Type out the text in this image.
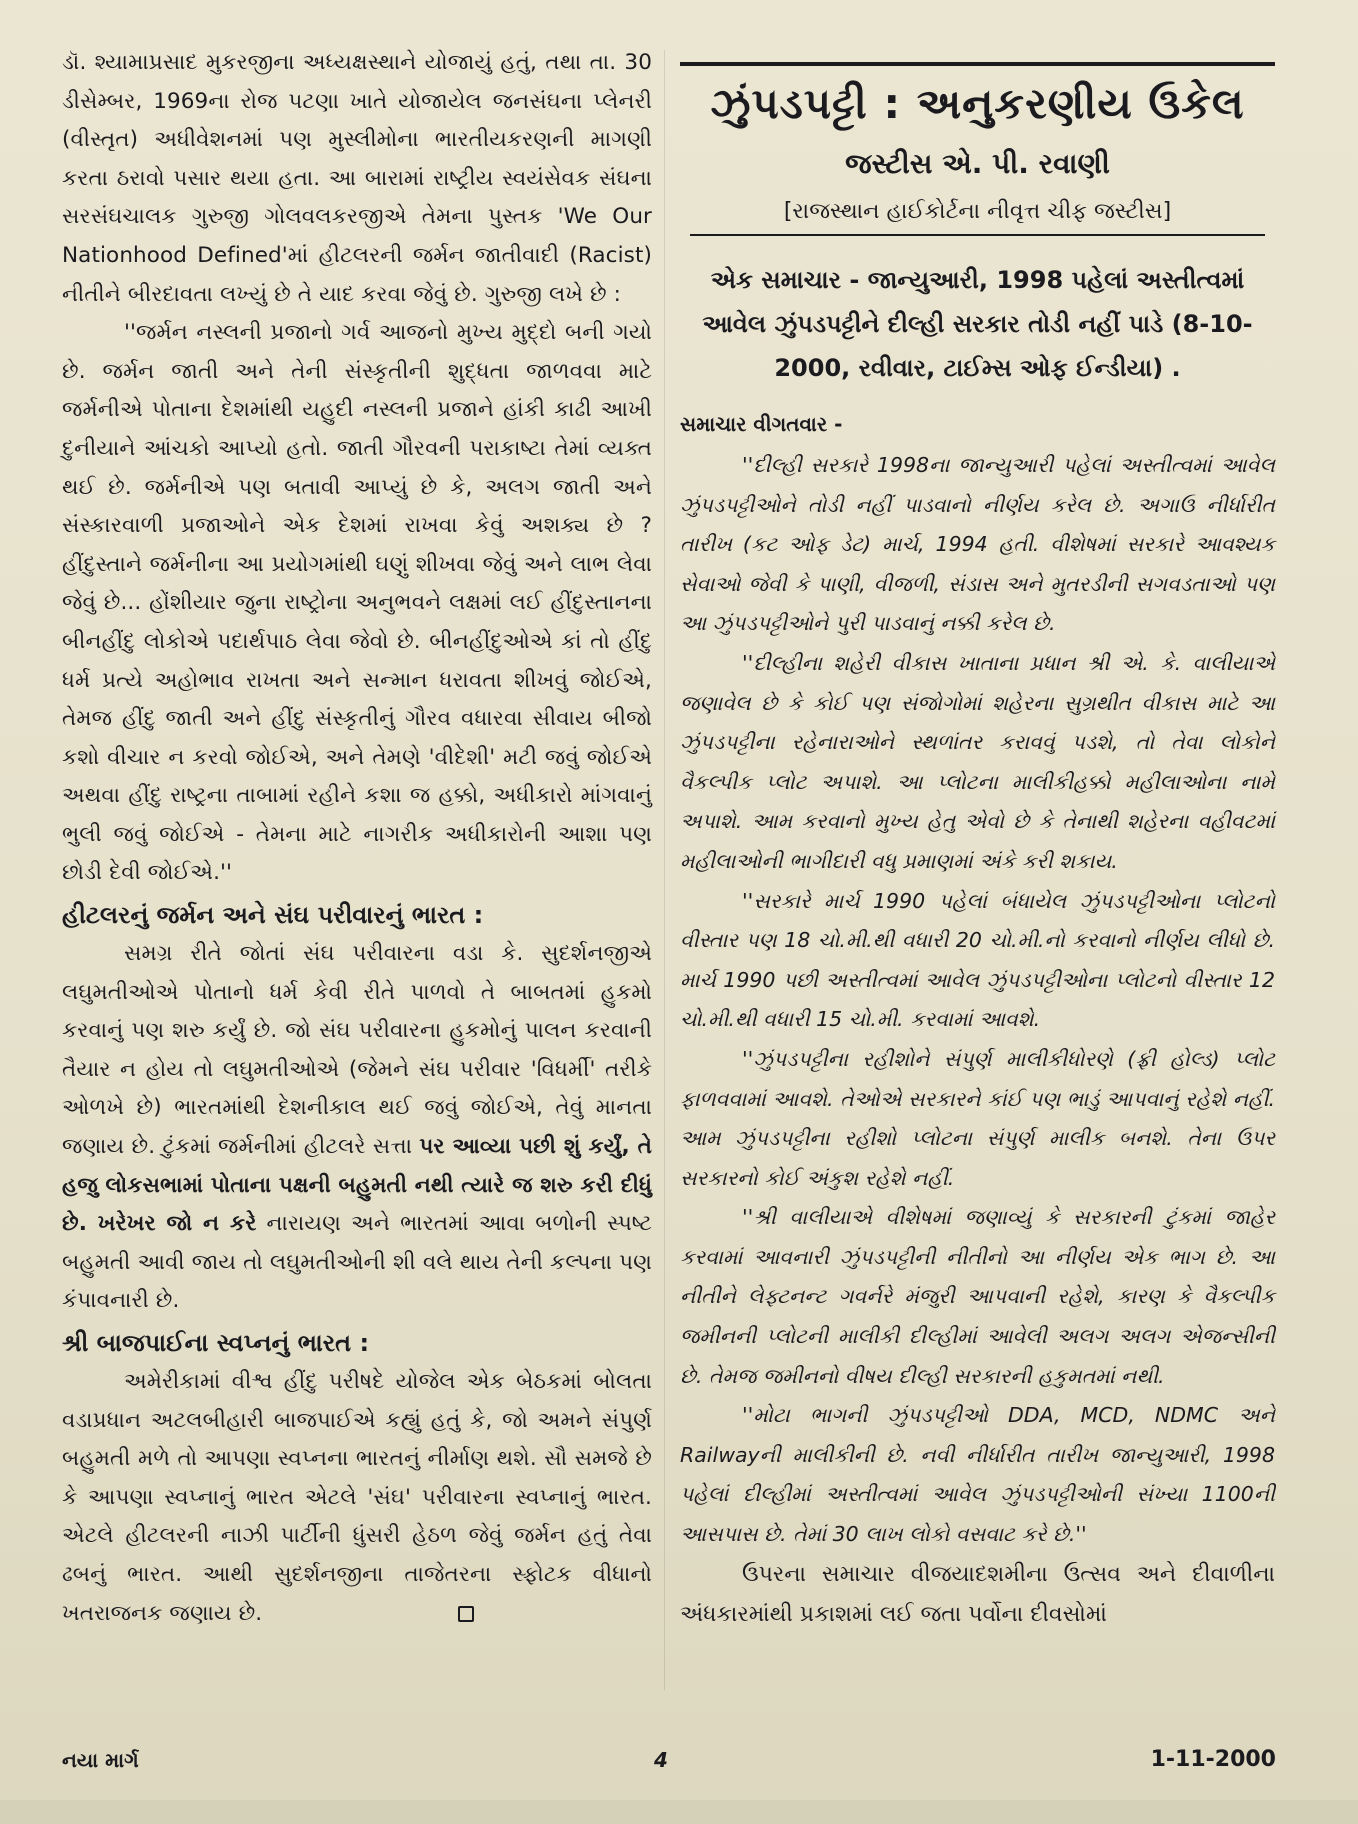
ડૉ. શ્યામાપ્રસાદ મુકરજીના અધ્યક્ષસ્થાને યોજાયું હતું, તથા તા. 30 ડીસેમ્બર, 1969ના રોજ પટણા ખાતે યોજાયેલ જનસંઘના પ્લેનરી (વીસ્તૃત) અધીવેશનમાં પણ મુસ્લીમોના ભારતીયકરણની માગણી કરતા ઠરાવો પસાર થયા હતા. આ બારામાં રાષ્ટ્રીય સ્વયંસેવક સંઘના સરસંઘચાલક ગુરુજી ગોલવલકરજીએ તેમના પુસ્તક 'We Our Nationhood Defined'માં હીટલરની જર્મન જાતીવાદી (Racist) નીતીને બીરદાવતા લખ્યું છે તે યાદ કરવા જેવું છે. ગુરુજી લખે છે :

''જર્મન નસ્લની પ્રજાનો ગર્વ આજનો મુખ્ય મુદ્દો બની ગયો છે. જર્મન જાતી અને તેની સંસ્કૃતીની શુદ્ધતા જાળવવા માટે જર્મનીએ પોતાના દેશમાંથી યહુદી નસ્લની પ્રજાને હાંકી કાઢી આખી દુનીયાને આંચકો આપ્યો હતો. જાતી ગૌરવની પરાકાષ્ટા તેમાં વ્યક્ત થઈ છે. જર્મનીએ પણ બતાવી આપ્યું છે કે, અલગ જાતી અને સંસ્કારવાળી પ્રજાઓને એક દેશમાં રાખવા કેવું અશક્ય છે ? હીંદુસ્તાને જર્મનીના આ પ્રયોગમાંથી ઘણું શીખવા જેવું અને લાભ લેવા જેવું છે... હોંશીયાર જુના રાષ્ટ્રોના અનુભવને લક્ષમાં લઈ હીંદુસ્તાનના બીનહીંદુ લોકોએ પદાર્થપાઠ લેવા જેવો છે. બીનહીંદુઓએ કાં તો હીંદુ ધર્મ પ્રત્યે અહોભાવ રાખતા અને સન્માન ધરાવતા શીખવું જોઈએ, તેમજ હીંદુ જાતી અને હીંદુ સંસ્કૃતીનું ગૌરવ વધારવા સીવાય બીજો કશો વીચાર ન કરવો જોઈએ, અને તેમણે 'વીદેશી' મટી જવું જોઈએ અથવા હીંદુ રાષ્ટ્રના તાબામાં રહીને કશા જ હક્કો, અધીકારો માંગવાનું ભુલી જવું જોઈએ - તેમના માટે નાગરીક અધીકારોની આશા પણ છોડી દેવી જોઈએ.''

હીટલરનું જર્મન અને સંઘ પરીવારનું ભારત :

સમગ્ર રીતે જોતાં સંઘ પરીવારના વડા કે. સુદર્શનજીએ લઘુમતીઓએ પોતાનો ધર્મ કેવી રીતે પાળવો તે બાબતમાં હુકમો કરવાનું પણ શરુ કર્યું છે. જો સંઘ પરીવારના હુકમોનું પાલન કરવાની તૈયાર ન હોય તો લઘુમતીઓએ (જેમને સંઘ પરીવાર 'વિધર્મી' તરીકે ઓળખે છે) ભારતમાંથી દેશનીકાલ થઈ જવું જોઈએ, તેવું માનતા જણાય છે. ટુંકમાં જર્મનીમાં હીટલરે સત્તા પર આવ્યા પછી શું કર્યું, તે હજુ લોકસભામાં પોતાના પક્ષની બહુમતી નથી ત્યારે જ શરુ કરી દીધું છે. ખરેખર જો ન કરે નારાયણ અને ભારતમાં આવા બળોની સ્પષ્ટ બહુમતી આવી જાય તો લઘુમતીઓની શી વલે થાય તેની કલ્પના પણ કંપાવનારી છે.

શ્રી બાજપાઈના સ્વપ્નનું ભારત :

અમેરીકામાં વીશ્વ હીંદુ પરીષદે યોજેલ એક બેઠકમાં બોલતા વડાપ્રધાન અટલબીહારી બાજપાઈએ કહ્યું હતું કે, જો અમને સંપુર્ણ બહુમતી મળે તો આપણા સ્વપ્નના ભારતનું નીર્માણ થશે. સૌ સમજે છે કે આપણા સ્વપ્નાનું ભારત એટલે 'સંઘ' પરીવારના સ્વપ્નાનું ભારત. એટલે હીટલરની નાઝી પાર્ટીની ધુંસરી હેઠળ જેવું જર્મન હતું તેવા ઢબનું ભારત. આથી સુદર્શનજીના તાજેતરના સ્ફોટક વીધાનો ખતરાજનક જણાય છે.

ઝુંપડપટ્ટી : અનુકરણીય ઉકેલ

જસ્ટીસ એ. પી. રવાણી

[રાજસ્થાન હાઈકોર્ટના નીવૃત્ત ચીફ જસ્ટીસ]

એક સમાચાર - જાન્યુઆરી, 1998 પહેલાં અસ્તીત્વમાં આવેલ ઝુંપડપટ્ટીને દીલ્હી સરકાર તોડી નહીં પાડે (8-10-2000, રવીવાર, ટાઈમ્સ ઓફ ઈન્ડીયા) .

સમાચાર વીગતવાર -

''દીલ્હી સરકારે 1998ના જાન્યુઆરી પહેલાં અસ્તીત્વમાં આવેલ ઝુંપડપટ્ટીઓને તોડી નહીં પાડવાનો નીર્ણય કરેલ છે. અગાઉ નીર્ધારીત તારીખ (કટ ઓફ ડેટ) માર્ચ, 1994 હતી. વીશેષમાં સરકારે આવશ્યક સેવાઓ જેવી કે પાણી, વીજળી, સંડાસ અને મુતરડીની સગવડતાઓ પણ આ ઝુંપડપટ્ટીઓને પુરી પાડવાનું નક્કી કરેલ છે.

''દીલ્હીના શહેરી વીકાસ ખાતાના પ્રધાન શ્રી એ. કે. વાલીયાએ જણાવેલ છે કે કોઈ પણ સંજોગોમાં શહેરના સુગ્રથીત વીકાસ માટે આ ઝુંપડપટ્ટીના રહેનારાઓને સ્થળાંતર કરાવવું પડશે, તો તેવા લોકોને વૈકલ્પીક પ્લોટ અપાશે. આ પ્લોટના માલીકીહક્કો મહીલાઓના નામે અપાશે. આમ કરવાનો મુખ્ય હેતુ એવો છે કે તેનાથી શહેરના વહીવટમાં મહીલાઓની ભાગીદારી વધુ પ્રમાણમાં અંકે કરી શકાય.

''સરકારે માર્ચ 1990 પહેલાં બંધાયેલ ઝુંપડપટ્ટીઓના પ્લોટનો વીસ્તાર પણ 18 ચો.મી.થી વધારી 20 ચો.મી.નો કરવાનો નીર્ણય લીધો છે. માર્ચ 1990 પછી અસ્તીત્વમાં આવેલ ઝુંપડપટ્ટીઓના પ્લોટનો વીસ્તાર 12 ચો.મી.થી વધારી 15 ચો.મી. કરવામાં આવશે.

''ઝુંપડપટ્ટીના રહીશોને સંપુર્ણ માલીકીધોરણે (ફ્રી હોલ્ડ) પ્લોટ ફાળવવામાં આવશે. તેઓએ સરકારને કાંઈ પણ ભાડું આપવાનું રહેશે નહીં. આમ ઝુંપડપટ્ટીના રહીશો પ્લોટના સંપુર્ણ માલીક બનશે. તેના ઉપર સરકારનો કોઈ અંકુશ રહેશે નહીં.

''શ્રી વાલીયાએ વીશેષમાં જણાવ્યું કે સરકારની ટુંકમાં જાહેર કરવામાં આવનારી ઝુંપડપટ્ટીની નીતીનો આ નીર્ણય એક ભાગ છે. આ નીતીને લેફ્ટનન્ટ ગવર્નરે મંજુરી આપવાની રહેશે, કારણ કે વૈકલ્પીક જમીનની પ્લોટની માલીકી દીલ્હીમાં આવેલી અલગ અલગ એજન્સીની છે. તેમજ જમીનનો વીષય દીલ્હી સરકારની હકુમતમાં નથી.

''મોટા ભાગની ઝુંપડપટ્ટીઓ DDA, MCD, NDMC અને Railwayની માલીકીની છે. નવી નીર્ધારીત તારીખ જાન્યુઆરી, 1998 પહેલાં દીલ્હીમાં અસ્તીત્વમાં આવેલ ઝુંપડપટ્ટીઓની સંખ્યા 1100ની આસપાસ છે. તેમાં 30 લાખ લોકો વસવાટ કરે છે.''

ઉપરના સમાચાર વીજયાદશમીના ઉત્સવ અને દીવાળીના અંધકારમાંથી પ્રકાશમાં લઈ જતા પર્વોના દીવસોમાં

નયા માર્ગ	4	1-11-2000
